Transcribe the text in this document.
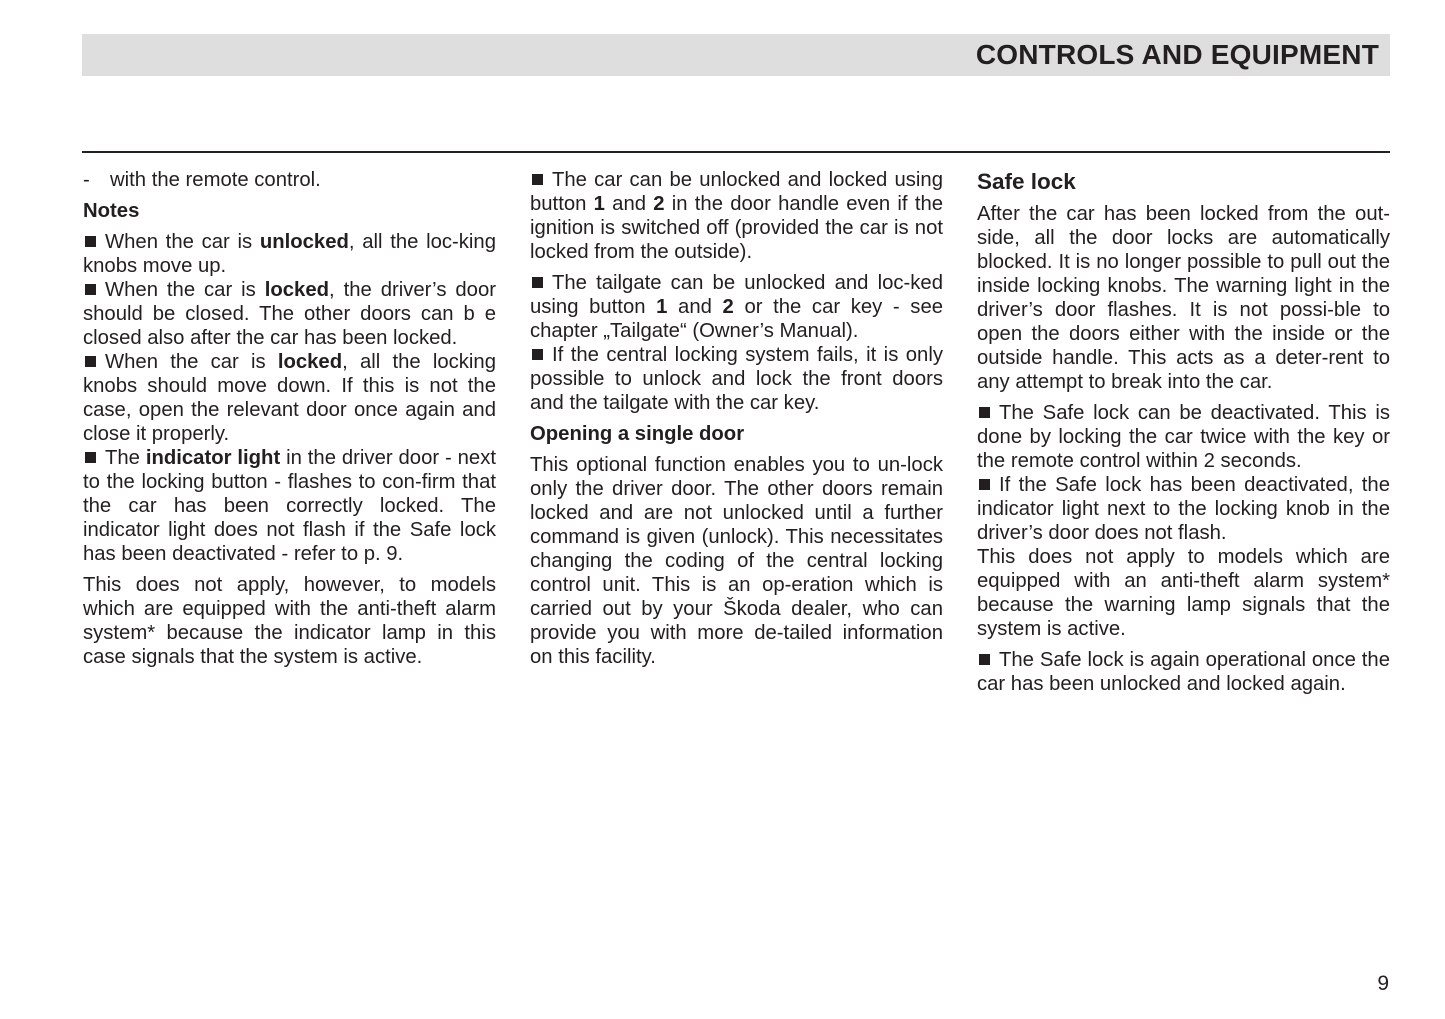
CONTROLS AND EQUIPMENT

- with the remote control.

Notes

When the car is unlocked, all the loc-king knobs move up.

When the car is locked, the driver’s door should be closed. The other doors can b e closed also after the car has been locked.

When the car is locked, all the locking knobs should move down. If this is not the case, open the relevant door once again and close it properly.

The indicator light in the driver door - next to the locking button - flashes to con-firm that the car has been correctly locked. The indicator light does not flash if the Safe lock has been deactivated - refer to p. 9.

This does not apply, however, to models which are equipped with the anti-theft alarm system* because the indicator lamp in this case signals that the system is active.

The car can be unlocked and locked using button 1 and 2 in the door handle even if the ignition is switched off (provided the car is not locked from the outside).

The tailgate can be unlocked and loc-ked using button 1 and 2 or the car key - see chapter „Tailgate“ (Owner’s Manual).

If the central locking system fails, it is only possible to unlock and lock the front doors and the tailgate with the car key.

Opening a single door

This optional function enables you to un-lock only the driver door. The other doors remain locked and are not unlocked until a further command is given (unlock). This necessitates changing the coding of the central locking control unit. This is an op-eration which is carried out by your Škoda dealer, who can provide you with more de-tailed information on this facility.

Safe lock

After the car has been locked from the out-side, all the door locks are automatically blocked. It is no longer possible to pull out the inside locking knobs. The warning light in the driver’s door flashes. It is not possi-ble to open the doors either with the inside or the outside handle. This acts as a deter-rent to any attempt to break into the car.

The Safe lock can be deactivated. This is done by locking the car twice with the key or the remote control within 2 seconds.

If the Safe lock has been deactivated, the indicator light next to the locking knob in the driver’s door does not flash.

This does not apply to models which are equipped with an anti-theft alarm system* because the warning lamp signals that the system is active.

The Safe lock is again operational once the car has been unlocked and locked again.

9
